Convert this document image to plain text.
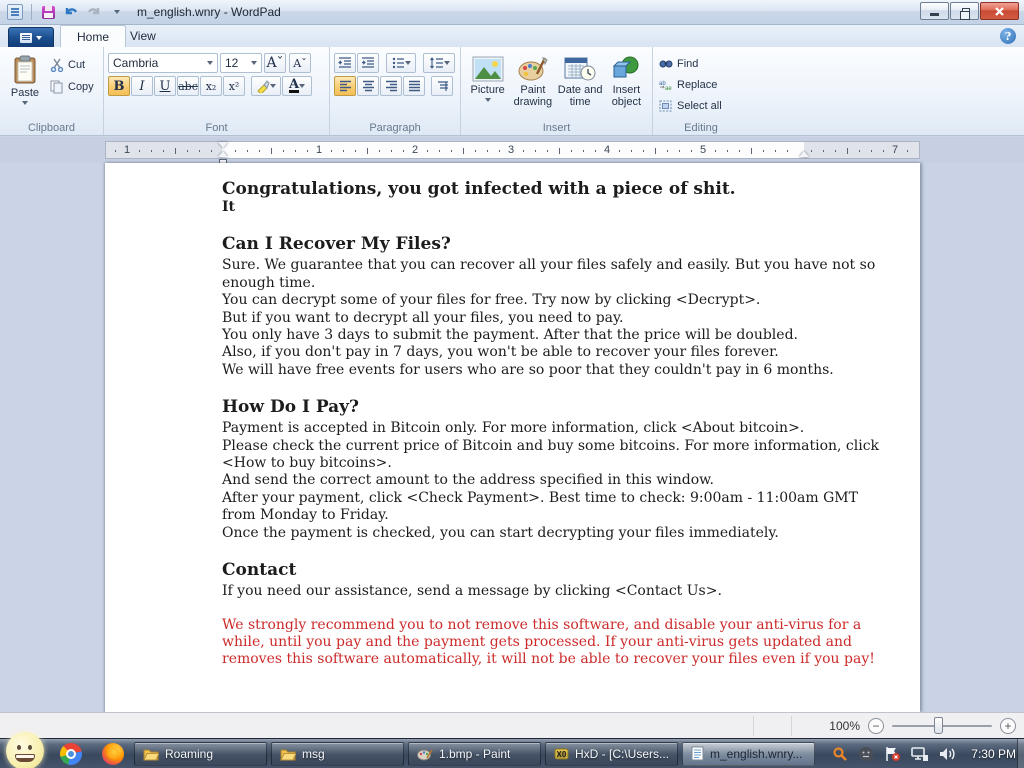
m_english.wnry - WordPad
Home View	?
Paste
Cut
Copy
Clipboard
Cambria	12 Aˇ Aˇ
B I U abc x₂ x²	A
Font	Paragraph
Picture	Paint drawing
Date and time
Insert object
Insert
Find
ab
ae Replace
Select all
Editing
1	1	2	3	4	5	7
Congratulations, you got infected with a piece of shit.
It
Can I Recover My Files?
Sure. We guarantee that you can recover all your files safely and easily. But you have not so
enough time.
You can decrypt some of your files for free. Try now by clicking <Decrypt>.
But if you want to decrypt all your files, you need to pay.
You only have 3 days to submit the payment. After that the price will be doubled.
Also, if you don't pay in 7 days, you won't be able to recover your files forever.
We will have free events for users who are so poor that they couldn't pay in 6 months.
How Do I Pay?
Payment is accepted in Bitcoin only. For more information, click <About bitcoin>.
Please check the current price of Bitcoin and buy some bitcoins. For more information, click
<How to buy bitcoins>.
And send the correct amount to the address specified in this window.
After your payment, click <Check Payment>. Best time to check: 9:00am - 11:00am GMT
from Monday to Friday.
Once the payment is checked, you can start decrypting your files immediately.
Contact
If you need our assistance, send a message by clicking <Contact Us>.
We strongly recommend you to not remove this software, and disable your anti-virus for a
while, until you pay and the payment gets processed. If your anti-virus gets updated and
removes this software automatically, it will not be able to recover your files even if you pay!
100%	−	+
Roaming	msg	1.bmp - Paint	X0 HxD - [C:\Users...	m_english.wnry...	7:30 PM
